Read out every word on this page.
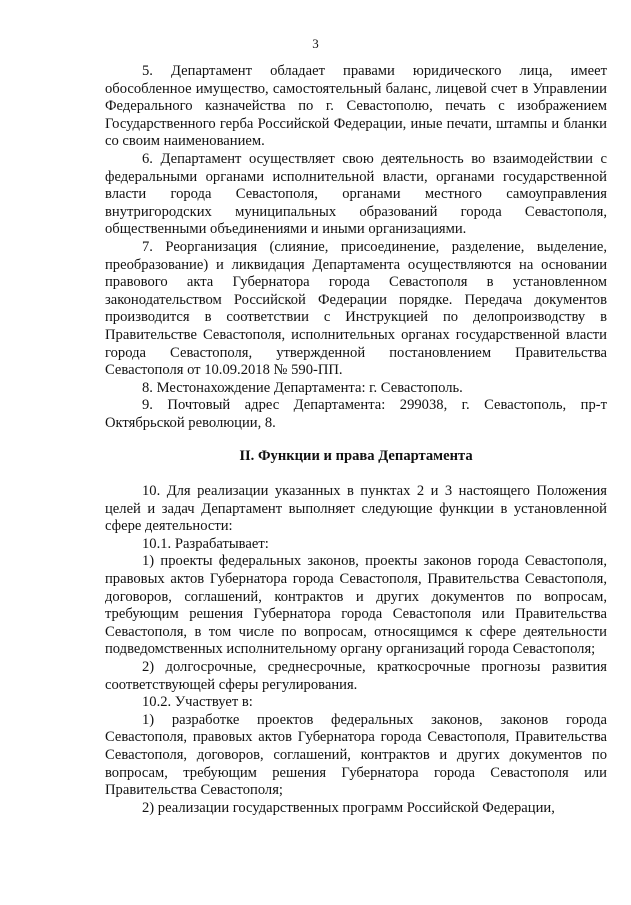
3

5. Департамент обладает правами юридического лица, имеет обособленное имущество, самостоятельный баланс, лицевой счет в Управлении Федерального казначейства по г. Севастополю, печать с изображением Государственного герба Российской Федерации, иные печати, штампы и бланки со своим наименованием.

6. Департамент осуществляет свою деятельность во взаимодействии с федеральными органами исполнительной власти, органами государственной власти города Севастополя, органами местного самоуправления внутригородских муниципальных образований города Севастополя, общественными объединениями и иными организациями.

7. Реорганизация (слияние, присоединение, разделение, выделение, преобразование) и ликвидация Департамента осуществляются на основании правового акта Губернатора города Севастополя в установленном законодательством Российской Федерации порядке. Передача документов производится в соответствии с Инструкцией по делопроизводству в Правительстве Севастополя, исполнительных органах государственной власти города Севастополя, утвержденной постановлением Правительства Севастополя от 10.09.2018 № 590-ПП.

8. Местонахождение Департамента: г. Севастополь.

9. Почтовый адрес Департамента: 299038, г. Севастополь, пр-т Октябрьской революции, 8.

II. Функции и права Департамента

10. Для реализации указанных в пунктах 2 и 3 настоящего Положения целей и задач Департамент выполняет следующие функции в установленной сфере деятельности:

10.1. Разрабатывает:

1) проекты федеральных законов, проекты законов города Севастополя, правовых актов Губернатора города Севастополя, Правительства Севастополя, договоров, соглашений, контрактов и других документов по вопросам, требующим решения Губернатора города Севастополя или Правительства Севастополя, в том числе по вопросам, относящимся к сфере деятельности подведомственных исполнительному органу организаций города Севастополя;

2) долгосрочные, среднесрочные, краткосрочные прогнозы развития соответствующей сферы регулирования.

10.2. Участвует в:

1) разработке проектов федеральных законов, законов города Севастополя, правовых актов Губернатора города Севастополя, Правительства Севастополя, договоров, соглашений, контрактов и других документов по вопросам, требующим решения Губернатора города Севастополя или Правительства Севастополя;

2) реализации государственных программ Российской Федерации,
